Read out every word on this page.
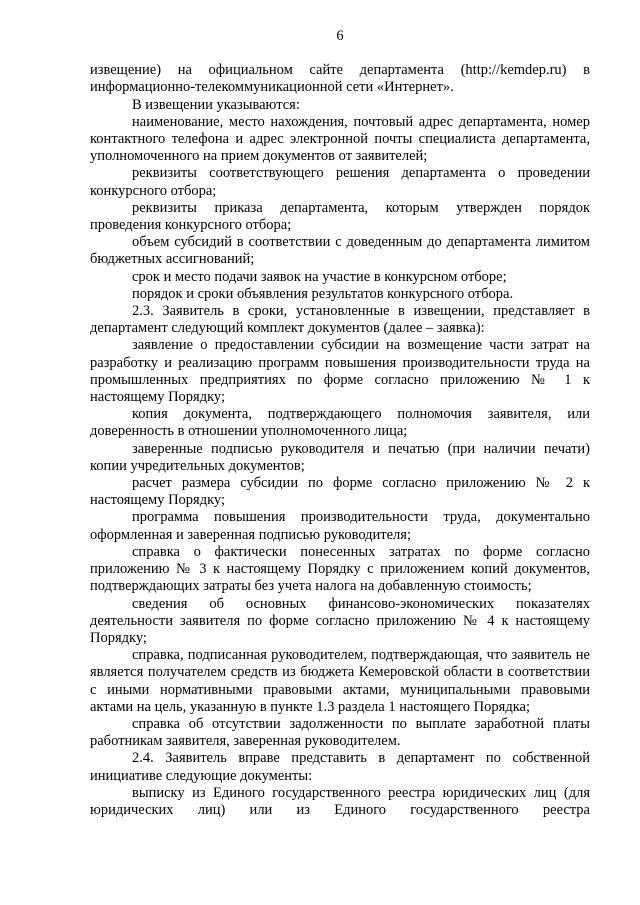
6

извещение) на официальном сайте департамента (http://kemdep.ru) в информационно-телекоммуникационной сети «Интернет».

В извещении указываются:

наименование, место нахождения, почтовый адрес департамента, номер контактного телефона и адрес электронной почты специалиста департамента, уполномоченного на прием документов от заявителей;

реквизиты соответствующего решения департамента о проведении конкурсного отбора;

реквизиты приказа департамента, которым утвержден порядок проведения конкурсного отбора;

объем субсидий в соответствии с доведенным до департамента лимитом бюджетных ассигнований;

срок и место подачи заявок на участие в конкурсном отборе;

порядок и сроки объявления результатов конкурсного отбора.

2.3. Заявитель в сроки, установленные в извещении, представляет в департамент следующий комплект документов (далее – заявка):

заявление о предоставлении субсидии на возмещение части затрат на разработку и реализацию программ повышения производительности труда на промышленных предприятиях по форме согласно приложению № 1 к настоящему Порядку;

копия документа, подтверждающего полномочия заявителя, или доверенность в отношении уполномоченного лица;

заверенные подписью руководителя и печатью (при наличии печати) копии учредительных документов;

расчет размера субсидии по форме согласно приложению № 2 к настоящему Порядку;

программа повышения производительности труда, документально оформленная и заверенная подписью руководителя;

справка о фактически понесенных затратах по форме согласно приложению № 3 к настоящему Порядку с приложением копий документов, подтверждающих затраты без учета налога на добавленную стоимость;

сведения об основных финансово-экономических показателях деятельности заявителя по форме согласно приложению № 4 к настоящему Порядку;

справка, подписанная руководителем, подтверждающая, что заявитель не является получателем средств из бюджета Кемеровской области в соответствии с иными нормативными правовыми актами, муниципальными правовыми актами на цель, указанную в пункте 1.3 раздела 1 настоящего Порядка;

справка об отсутствии задолженности по выплате заработной платы работникам заявителя, заверенная руководителем.

2.4. Заявитель вправе представить в департамент по собственной инициативе следующие документы:

выписку из Единого государственного реестра юридических лиц (для юридических лиц) или из Единого государственного реестра
